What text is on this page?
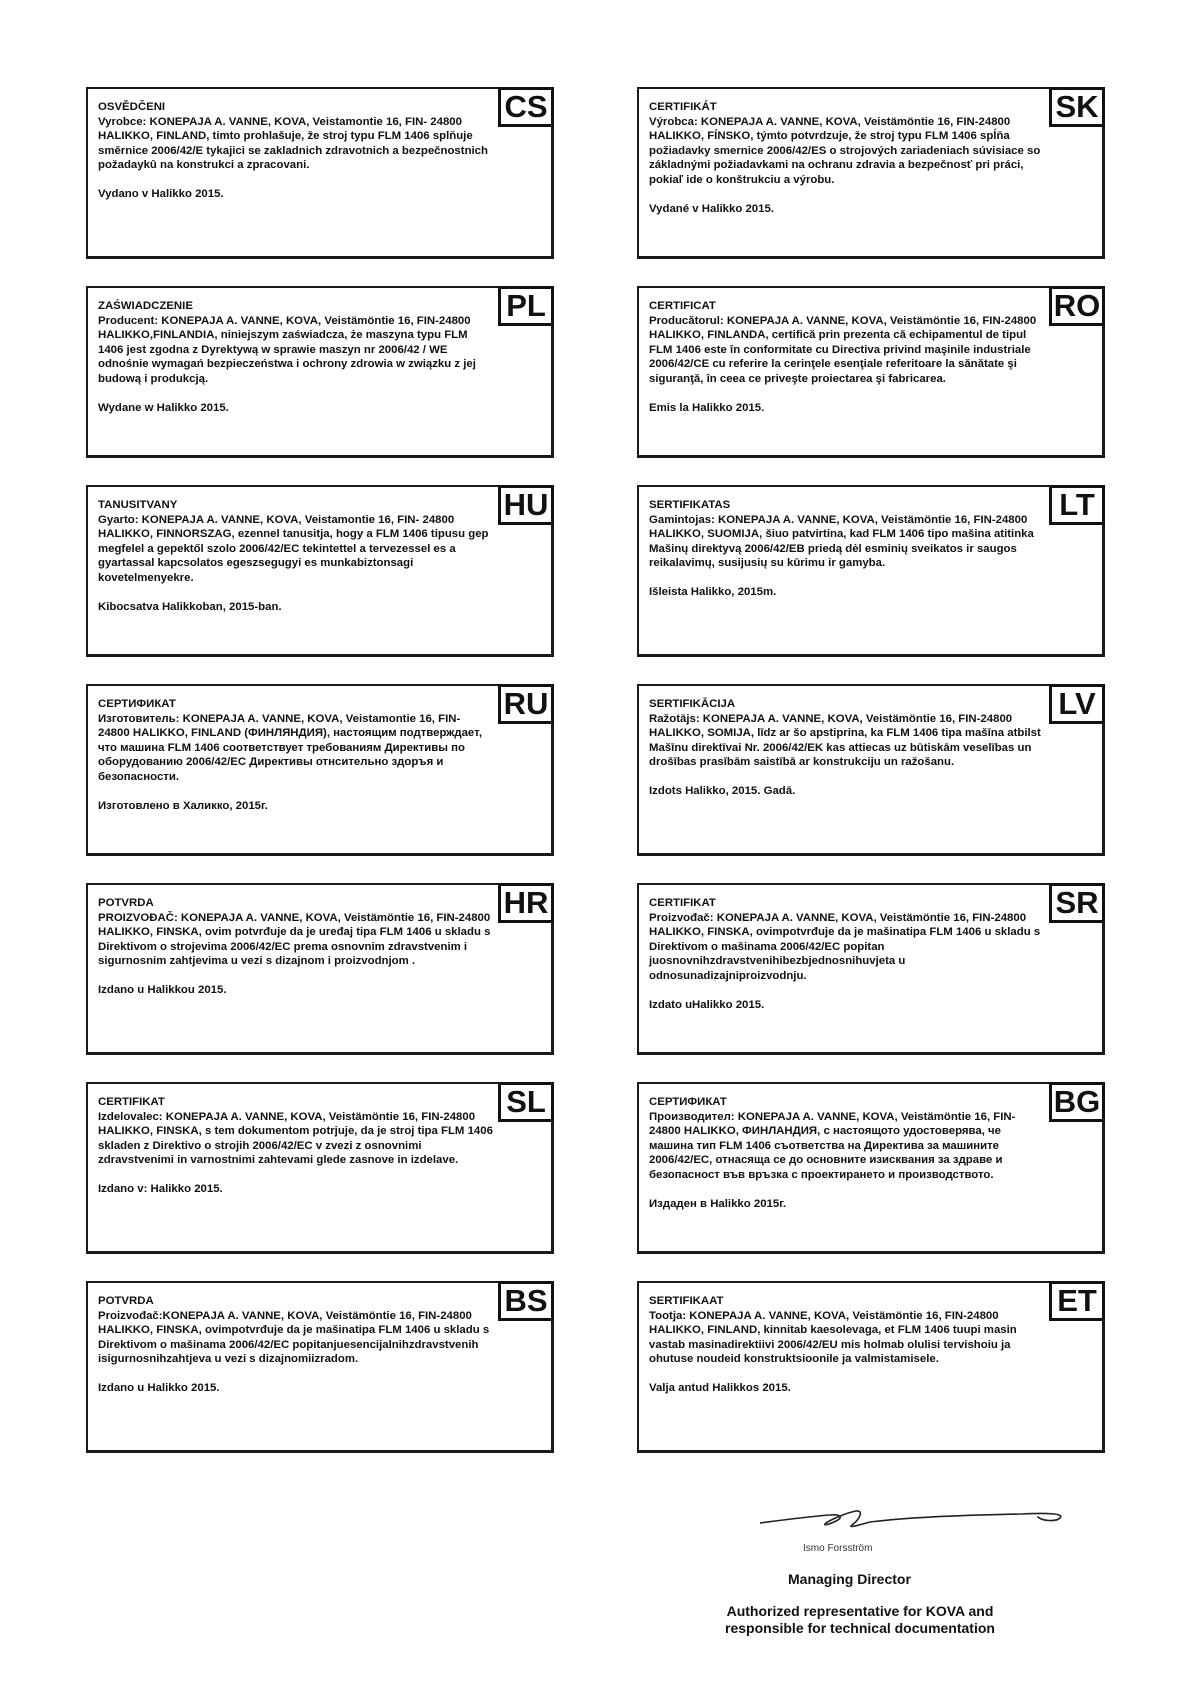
OSVĚDČENI
Vyrobce: KONEPAJA A. VANNE, KOVA, Veistamontie 16, FIN- 24800 HALIKKO, FINLAND, timto prohlašuje, že stroj typu FLM 1406 splňuje směrnice 2006/42/E tykajici se zakladnich zdravotnich a bezpečnostnich požadaykû na konstrukci a zpracovani.
Vydano v Halikko 2015.
CS	CERTIFIKÁT
Výrobca: KONEPAJA A. VANNE, KOVA, Veistämöntie 16, FIN-24800 HALIKKO, FÍNSKO, týmto potvrdzuje, že stroj typu FLM 1406 spĺňa požiadavky smernice 2006/42/ES o strojových zariadeniach súvisiace so základnými požiadavkami na ochranu zdravia a bezpečnosť pri práci, pokiaľ ide o konštrukciu a výrobu.
Vydané v Halikko 2015.
SK
ZAŚWIADCZENIE
Producent: KONEPAJA A. VANNE, KOVA, Veistämöntie 16, FIN-24800 HALIKKO,FINLANDIA, niniejszym zaświadcza, że maszyna typu FLM 1406 jest zgodna z Dyrektywą w sprawie maszyn nr 2006/42 / WE odnośnie wymagań bezpieczeństwa i ochrony zdrowia w związku z jej budową i produkcją.
Wydane w Halikko 2015.
PL	CERTIFICAT
Producătorul: KONEPAJA A. VANNE, KOVA, Veistämöntie 16, FIN-24800 HALIKKO, FINLANDA, certifică prin prezenta că echipamentul de tipul FLM 1406 este în conformitate cu Directiva privind maşinile industriale 2006/42/CE cu referire la cerinţele esenţiale referitoare la sănătate şi siguranţă, în ceea ce priveşte proiectarea şi fabricarea.
Emis la Halikko 2015.
RO
TANUSITVANY
Gyarto: KONEPAJA A. VANNE, KOVA, Veistamontie 16, FIN- 24800 HALIKKO, FINNORSZAG, ezennel tanusitja, hogy a FLM 1406 tipusu gep megfelel a gepektől szolo 2006/42/EC tekintettel a tervezessel es a gyartassal kapcsolatos egeszsegugyi es munkabiztonsagi kovetelmenyekre.
Kibocsatva Halikkoban, 2015-ban.
HU	SERTIFIKATAS
Gamintojas: KONEPAJA A. VANNE, KOVA, Veistämöntie 16, FIN-24800 HALIKKO, SUOMIJA, šiuo patvirtina, kad FLM 1406 tipo mašina atitinka Mašinų direktyvą 2006/42/EB priedą dėl esminių sveikatos ir saugos reikalavimų, susijusių su kūrimu ir gamyba.
Išleista Halikko, 2015m.
LT
СЕРТИФИКАТ
Изготовитель: KONEPAJA A. VANNE, KOVA, Veistamontie 16, FIN- 24800 HALIKKO, FINLAND (ФИНЛЯНДИЯ), настоящим подтверждает, что машина FLM 1406 соответствует требованиям Директивы по оборудованию 2006/42/EC Директивы отнсительно здоръя и безопасности.
Изготовлено в Халикко, 2015г.
RU	SERTIFIKĀCIJA
Ražotājs: KONEPAJA A. VANNE, KOVA, Veistämöntie 16, FIN-24800 HALIKKO, SOMIJA, līdz ar šo apstiprina, ka FLM 1406 tipa mašīna atbilst Mašīnu direktīvai Nr. 2006/42/EK kas attiecas uz būtiskām veselības un drošības prasībām saistībā ar konstrukciju un ražošanu.
Izdots Halikko, 2015. Gadā.
LV
POTVRDA
PROIZVOĐAČ: KONEPAJA A. VANNE, KOVA, Veistämöntie 16, FIN-24800 HALIKKO, FINSKA, ovim potvrđuje da je uređaj tipa FLM 1406 u skladu s Direktivom o strojevima 2006/42/EC prema osnovnim zdravstvenim i sigurnosnim zahtjevima u vezi s dizajnom i proizvodnjom .
Izdano u Halikkou 2015.
HR	CERTIFIKAT
Proizvođač: KONEPAJA A. VANNE, KOVA, Veistämöntie 16, FIN-24800 HALIKKO, FINSKA, ovimpotvrđuje da je mašinatipa FLM 1406 u skladu s Direktivom o mašinama 2006/42/EC popitan juosnovnihzdravstvenihibezbjednosnihuvjeta u odnosunadizajniproizvodnju.
Izdato uHalikko 2015.
SR
CERTIFIKAT
Izdelovalec: KONEPAJA A. VANNE, KOVA, Veistämöntie 16, FIN-24800 HALIKKO, FINSKA, s tem dokumentom potrjuje, da je stroj tipa FLM 1406 skladen z Direktivo o strojih 2006/42/EC v zvezi z osnovnimi zdravstvenimi in varnostnimi zahtevami glede zasnove in izdelave.
Izdano v: Halikko 2015.
SL	СЕРТИФИКАТ
Производител: KONEPAJA A. VANNE, KOVA, Veistämöntie 16, FIN-24800 HALIKKO, ФИНЛАНДИЯ, с настоящото удостоверява, че машина тип FLM 1406 съответства на Директива за машините 2006/42/EC, отнасяща се до основните изисквания за здраве и безопасност във връзка с проектирането и производството.
Издаден в Halikko 2015г.
BG
POTVRDA
Proizvođač:KONEPAJA A. VANNE, KOVA, Veistämöntie 16, FIN-24800 HALIKKO, FINSKA, ovimpotvrđuje da je mašinatipa FLM 1406 u skladu s Direktivom o mašinama 2006/42/EC popitanjuesencijalnihzdravstvenih isigurnosnihzahtjeva u vezi s dizajnomiizradom.
Izdano u Halikko 2015.
BS	SERTIFIKAAT
Tootja: KONEPAJA A. VANNE, KOVA, Veistämöntie 16, FIN-24800 HALIKKO, FINLAND, kinnitab kaesolevaga, et FLM 1406 tuupi masin vastab masinadirektiivi 2006/42/EU mis holmab olulisi tervishoiu ja ohutuse noudeid konstruktsioonile ja valmistamisele.
Valja antud Halikkos 2015.
ET
Ismo Forsström
Managing Director
Authorized representative for KOVA and responsible for technical documentation
